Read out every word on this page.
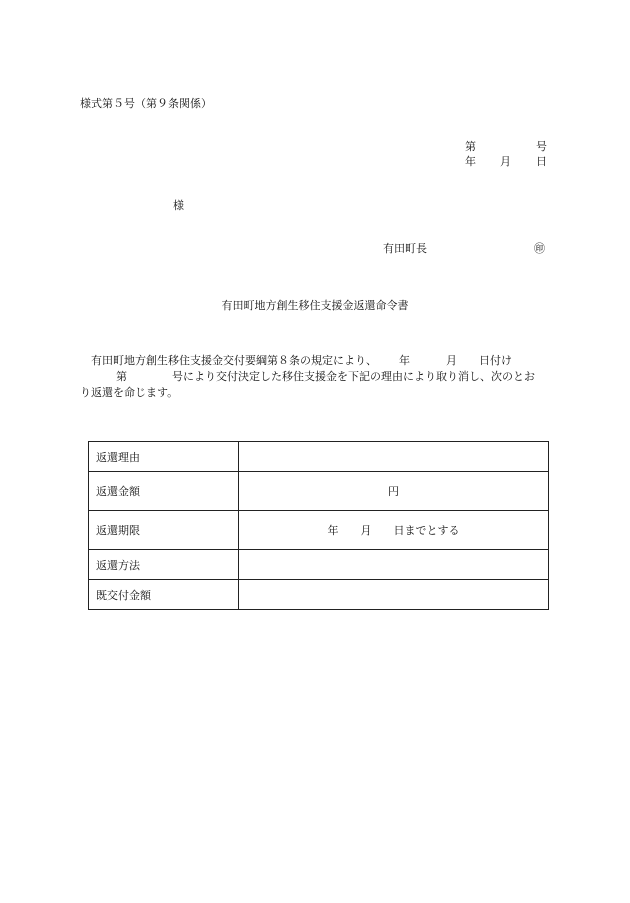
様式第５号（第９条関係）
第	号
年 月 日
様
有田町長	㊞
有田町地方創生移住支援金返還命令書
有田町地方創生移住支援金交付要綱第８条の規定により、 年	月 日付け
第	号により交付決定した移住支援金を下記の理由により取り消し、次のとお
り返還を命じます。
返還理由	
返還金額	円
返還期限	年 月 日までとする
返還方法	
既交付金額	
